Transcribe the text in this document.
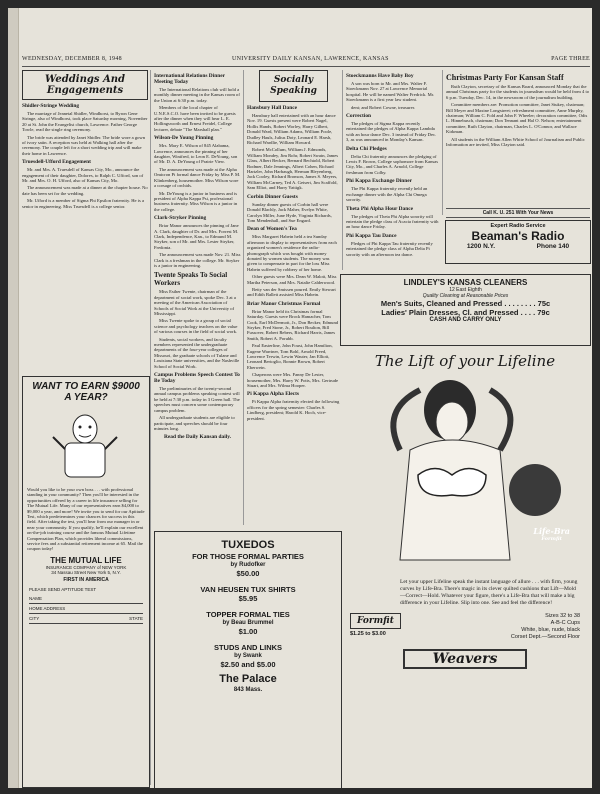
WEDNESDAY, DECEMBER 8, 1948	UNIVERSITY DAILY KANSAN, LAWRENCE, KANSAS	PAGE THREE
Weddings And Engagements
Shidler-Stringe Wedding

The marriage of Jeanetal Shidler, Windhorst, to Byron Gene Stringe, also of Windhorst, took place Saturday morning, November 20 at St. John the Evangelist church, Lawrence. Father George Towle, read the single ring ceremony.

The bride was attended by Janet Shidler. The bride wore a gown of ivory satin. A reception was held at Walking hall after the ceremony. The couple left for a short wedding trip and will make their home in Lawrence.

Truesdell-Ufford Engagement

Mr. and Mrs. A. Truesdell of Kansas City, Mo., announce the engagement of their daughter, Dolores, to Ralph C. Ufford, son of Mr. and Mrs. O. H. Ufford, also of Kansas City, Mo.

The announcement was made at a dinner at the chapter house. No date has been set for the wedding.

Mr. Ufford is a member of Sigma Phi Epsilon fraternity. He is a senior in engineering. Miss Truesdell is a college senior.

WANT TO EARN $9000 A YEAR?
Would you like to be your own boss . . . with professional standing in your community? Then you'll be interested in the opportunities offered by a career in life insurance selling for The Mutual Life. Many of our representatives earn $4,000 to $9,000 a year, and more! We invite you to send for our Aptitude Test, which predetermines your chances for success in this field. After taking the test, you'll hear from our manager in or near your community. If you qualify, he'll explain our excellent on-the-job training course and the famous Mutual Lifetime Compensation Plan, which provides liberal commissions, service fees and a substantial retirement income at 65. Mail the coupon today!
THE MUTUAL LIFE
INSURANCE COMPANY of NEW YORK
34 Nassau Street New York 5, N.Y.
FIRST IN AMERICA
PLEASE SEND APTITUDE TEST
NAME
HOME ADDRESS
CITY	STATE
International Relations Dinner Meeting Today

The International Relations club will hold a monthly dinner meeting in the Kansas room of the Union at 6:30 p.m. today.

Members of the local chapter of U.N.E.S.C.O. have been invited to be guests after the dinner when they will hear L. E. Hollingsworth and Ernest Freidel, College lecturer, debate "The Marshall plan."

Wilson-De Young Pinning

Mrs. Mary E. Wilson of 845 Alabama, Lawrence, announces the pinning of her daughter, Winifred, to Leon E. DeYoung, son of Mr. D. A. DeYoung of Prairie View.

The announcement was made at the Alpha Omicron Pi formal dance Friday by Miss P. M. Klinkenberg, housemother. Miss Wilson wore a corsage of orchids.

Mr. DeYoung is a junior in business and is president of Alpha Kappa Psi, professional business fraternity. Miss Wilson is a junior in the college.

Clark-Stryker Pinning

Briar Manor announces the pinning of Jane A. Clark, daughter of Dr. and Mrs. Forrest M. Clark, Independence, Kan., to Edmund M. Stryker, son of Mr. and Mrs. Lester Stryker, Fredonia.

The announcement was made Nov. 21. Miss Clark is a freshman in the college. Mr. Stryker is a junior in engineering.

Twente Speaks To Social Workers

Miss Esther Twente, chairman of the department of social work, spoke Dec. 3 at a meeting of the American Association of Schools of Social Work at the University of Mississippi.

Miss Twente spoke to a group of social science and psychology teachers on the value of various courses in the field of social work.

Students, social workers, and faculty members represented the undergraduate departments of the four-year colleges of Missouri, the graduate schools of Tulane and Louisiana State universities, and the Nashville School of Social Work.

Campus Problems Speech Contest To Be Today

The preliminaries of the twenty-second annual campus problems speaking contest will be held at 7:30 p.m. today in 3 Green hall. The speeches must concern some contemporary campus problem.

All undergraduate students are eligible to participate, and speeches should be four minutes long.

Read the Daily Kansan daily.
Socially Speaking
Hansbury Hall Dance

Hansbury hall entertained with an hour dance Nov. 19. Guests present were Robert Nagel, Hollis Hands, Robert Worley, Harry Gilbert, Donald Ward, William Adams, William Poole, Dudley Hauls, Julius Doty, Leonard E. Harsh, Richard Wardlie, William Howard.

Robert McCollum, William J. Edmonds, William Mondey, Jim Rohr, Robert Swain, James Glass, Albert Becker, Bernard Bechtold, Robert Bodmer, Dale Jennings, Albert Cohen, Richard Hartzler, John Harbaugh, Herman Bleyenberg, Jack Cooley, Richard Bronson, James S. Meyers, William McCarney, Ted A. Geisert, Jim Scaffold, Sam Elliot, and Harry Yattigk.

Corbin Dinner Guests

Sunday dinner guests of Corbin hall were Donald Blachly, Jack Maher, Evelyn White, Carolyn Miller, June Hyde, Virginia Richards, Tom Mendenhall, and Sue Engard.

Dean of Women's Tea

Miss Margaret Habein held a tea Sunday afternoon to display to representatives from each organized women's residence the radio-phonograph which was bought with money donated by women students. The money was given to compensate in part for the loss Miss Habein suffered by robbery of her home.

Other guests were Mrs. Dean W. Malott, Miss Martha Peterson, and Mrs. Natalie Calderwood.

Betty van der Smissen poured. Emily Stewart and Edith Ballett assisted Miss Habein.

Briar Manor Christmas Formal

Briar Manor held its Christmas formal Saturday. Guests were Brock Hamacher, Tom Cook, Earl McDermott, Jr., Don Becker, Edmund Stryker, Fred Stone, Jr., Robert Boulton, Bill Fussover, Robert Rebers, Richard Harris, James Smith, Robert A. Porubb.

Paul Easterline, John Foust, John Hamilton, Eugene Warriner, Tom Bohl, Arnold Freed, Lawrence Terwin, Lewin Wauter, Jan Elliott, Leonard Bertoglio, Bonnie Brown, Robert Eberwein.

Chaperons were Mrs. Fanny De Lester, housemother, Mrs. Harry W. Potts, Mrs. Gertrude Stuart, and Mrs. Wilma Hooper.

Pi Kappa Alpha Elects

Pi Kappa Alpha fraternity elected the following officers for the spring semester: Charles S. Lindberg, president; Harold K. Hoch, vice-president.

Stoeckmanns Have Baby Boy

A son was born to Mr. and Mrs. Walter F. Stoeckmann Nov. 27 at Lawrence Memorial hospital. He will be named Walter Fredrick. Mr. Stoeckmann is a first year law student.

dent; and Robert Cowne, treasurer.

Correction

The pledges of Sigma Kappa recently entertained the pledges of Alpha Kappa Lambda with an hour dance Dec. 3 instead of Friday Dec. 3, as was announced in Monday's Kansan.

Delta Chi Pledges

Delta Chi fraternity announces the pledging of Lewis F. Brown, College sophomore from Kansas City, Mo., and Charles A. Arnold, College freshman from Colby.

Phi Kappa Exchange Dinner

The Phi Kappa fraternity recently held an exchange dinner with the Alpha Chi Omega sorority.

Theta Phi Alpha Hour Dance

The pledges of Theta Phi Alpha sorority will entertain the pledge class of Acacia fraternity with an hour dance Friday.

Phi Kappa Tau Dance

Pledges of Phi Kappa Tau fraternity recently entertained the pledge class of Alpha Delta Pi sorority with an afternoon tea dance.

Christmas Party For Kansan Staff

Ruth Clayton, secretary of the Kansas Board, announced Monday that the annual Christmas party for the students in journalism would be held from 4 to 6 p.m. Tuesday, Dec. 14, in the newsroom of the journalism building.

Committee members are: Promotion committee, Janet Stukey, chairman; Bill Meyer and Maxine Longstreet; refreshment committee, Anne Murphy, chairman; William C. Fold and John F. Wheeler; decoration committee, Odis L. Hinnebusch, chairman; Don Tennant and Hal O. Nelson; entertainment committee, Ruth Clayton, chairman, Charles L. O'Connor, and Wallace Kirkman.

All students in the William Allen White School of Journalism and Public Information are invited, Miss Clayton said.

Call K. U. 251 With Your News
Expert Radio Service
Beaman's Radio
1200 N.Y.	Phone 140
LINDLEY'S KANSAS CLEANERS
12 East Eighth
Quality Cleaning at Reasonable Prices
Men's Suits, Cleaned and Pressed . . . . . . . . 75c
Ladies' Plain Dresses, Cl. and Pressed . . . . 79c
CASH AND CARRY ONLY
The Lift of your Lifeline
Life-Bra
Formfit
Let your upper Lifeline speak the instant language of allure . . . with firm, young curves by Life-Bra. There's magic in its clever quilted cushions that Lift—Mold—Correct—Hold. Whatever your figure, there's a Life-Bra that will make a big difference in your Lifeline. Slip into one. See and feel the difference!
Formfit
$1.25 to $3.00
Sizes 32 to 38
A-B-C Cups
White, blue, nude, black
Corset Dept.—Second Floor
Weavers
TUXEDOS
FOR THOSE FORMAL PARTIES
by Rudofker
$50.00
VAN HEUSEN TUX SHIRTS
$5.95
TOPPER FORMAL TIES
by Beau Brummel
$1.00
STUDS AND LINKS
by Swank
$2.50 and $5.00
The Palace
843 Mass.
